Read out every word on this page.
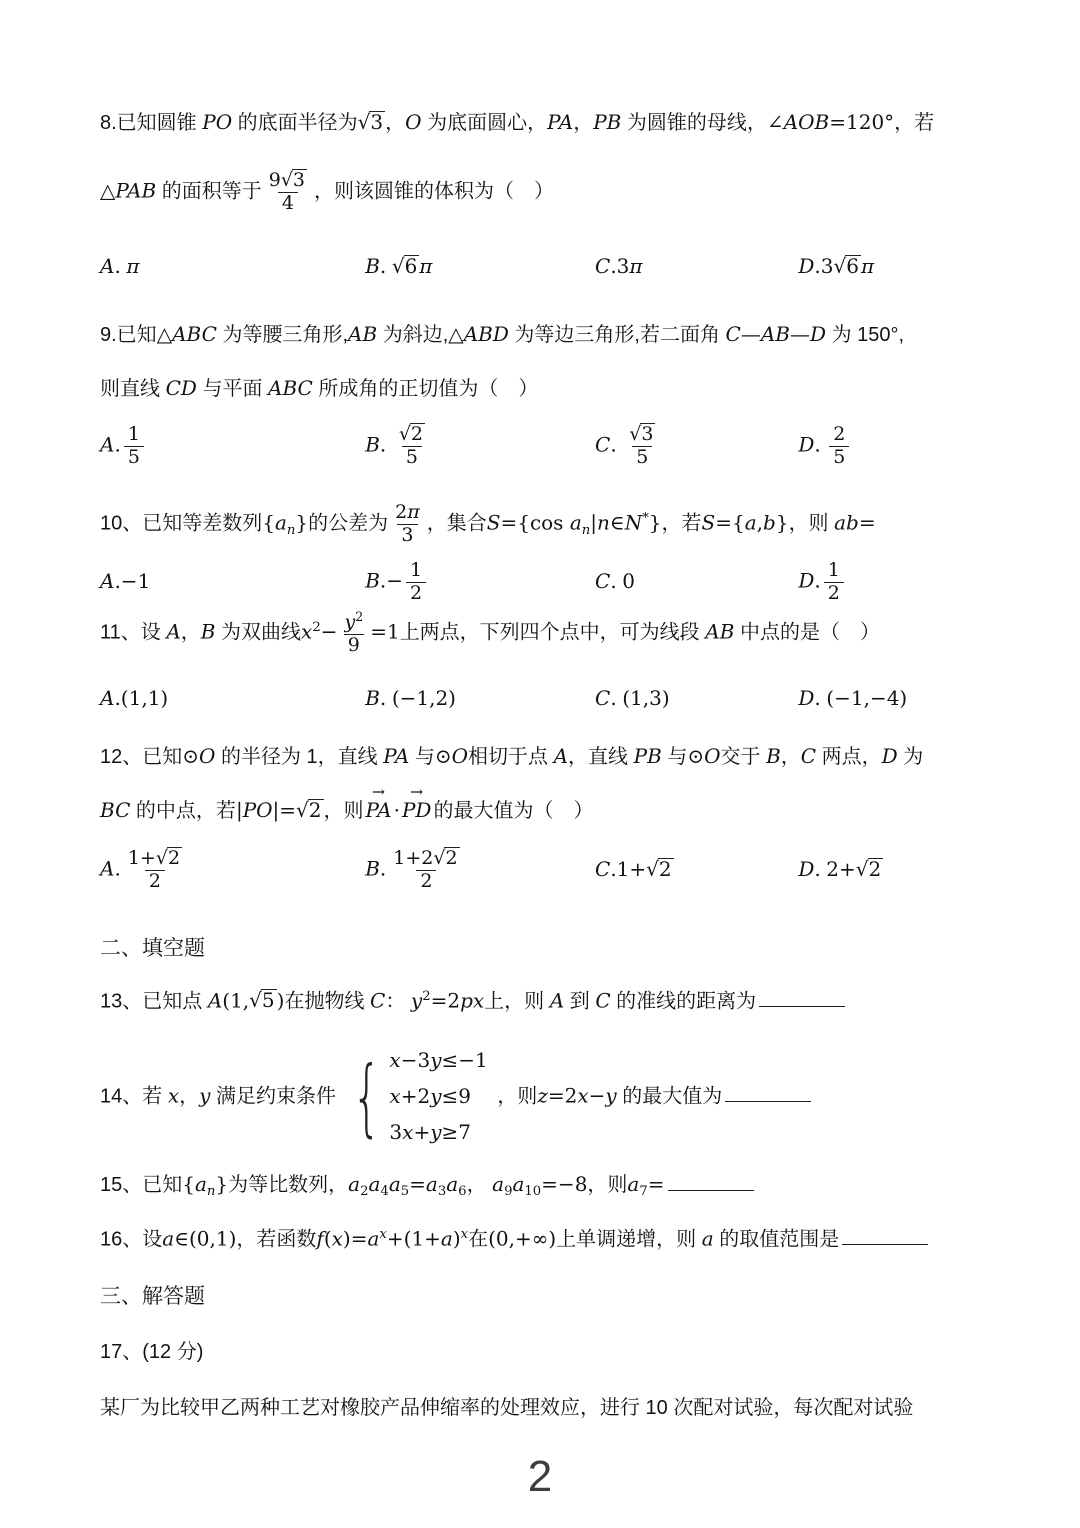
8.已知圆锥 PO 的底面半径为√3 ，O 为底面圆心，PA，PB 为圆锥的母线，∠AOB=120°，若
△PAB 的面积等于 $\frac{9√3}{4}$ ，则该圆锥的体积为（　）
A. π	B. √6 π	C.3π	D.3√6 π
9.已知△ABC 为等腰三角形,AB 为斜边,△ABD 为等边三角形,若二面角 C—AB—D 为 150°,
则直线 CD 与平面 ABC 所成角的正切值为（　）
A. $\frac{1}{5}$	B. $\frac{√2}{5}$	C. $\frac{√3}{5}$	D. $\frac{2}{5}$
10、已知等差数列{an}的公差为 $\frac{2\pi}{3}$ ，集合S={cos an|n∈N*}，若S={a,b}，则 ab=
A.−1	$B.- \frac{1}{2}$	C. 0	D. $\frac{1}{2}$
11、设 A，B 为双曲线$x^2- \frac{y^2}{9} =1$上两点，下列四个点中，可为线段 AB 中点的是（　）
A.(1,1)	B. (−1,2)	C. (1,3)	D. (−1,−4)
12、已知⊙O 的半径为 1，直线 PA 与⊙O相切于点 A，直线 PB 与⊙O交于 B，C 两点，D 为
BC 的中点，若|PO|=√2 ，则
→
PA ·
→
PD 的最大值为（　）
A. $\frac{1+√2}{2}$	B. $\frac{1+2√2}{2}$	C.1+√2	D. 2+√2
二、填空题
13、已知点 A(1,√5 )在抛物线 C： $y^2=2px$上，则 A 到 C 的准线的距离为
14、若 x，y 满足约束条件 { x−3y≤−1
x+2y≤9
3x+y≥7
，则z=2x−y 的最大值为
15、已知{an}为等比数列，a2a4a5=a3a6， a9a10=−8，则a7=
16、设a∈(0,1)，若函数$f(x)=a^x+(1+a)^x$在(0,+∞)上单调递增，则 a 的取值范围是
三、解答题
17、(12 分)
某厂为比较甲乙两种工艺对橡胶产品伸缩率的处理效应，进行 10 次配对试验，每次配对试验
2
